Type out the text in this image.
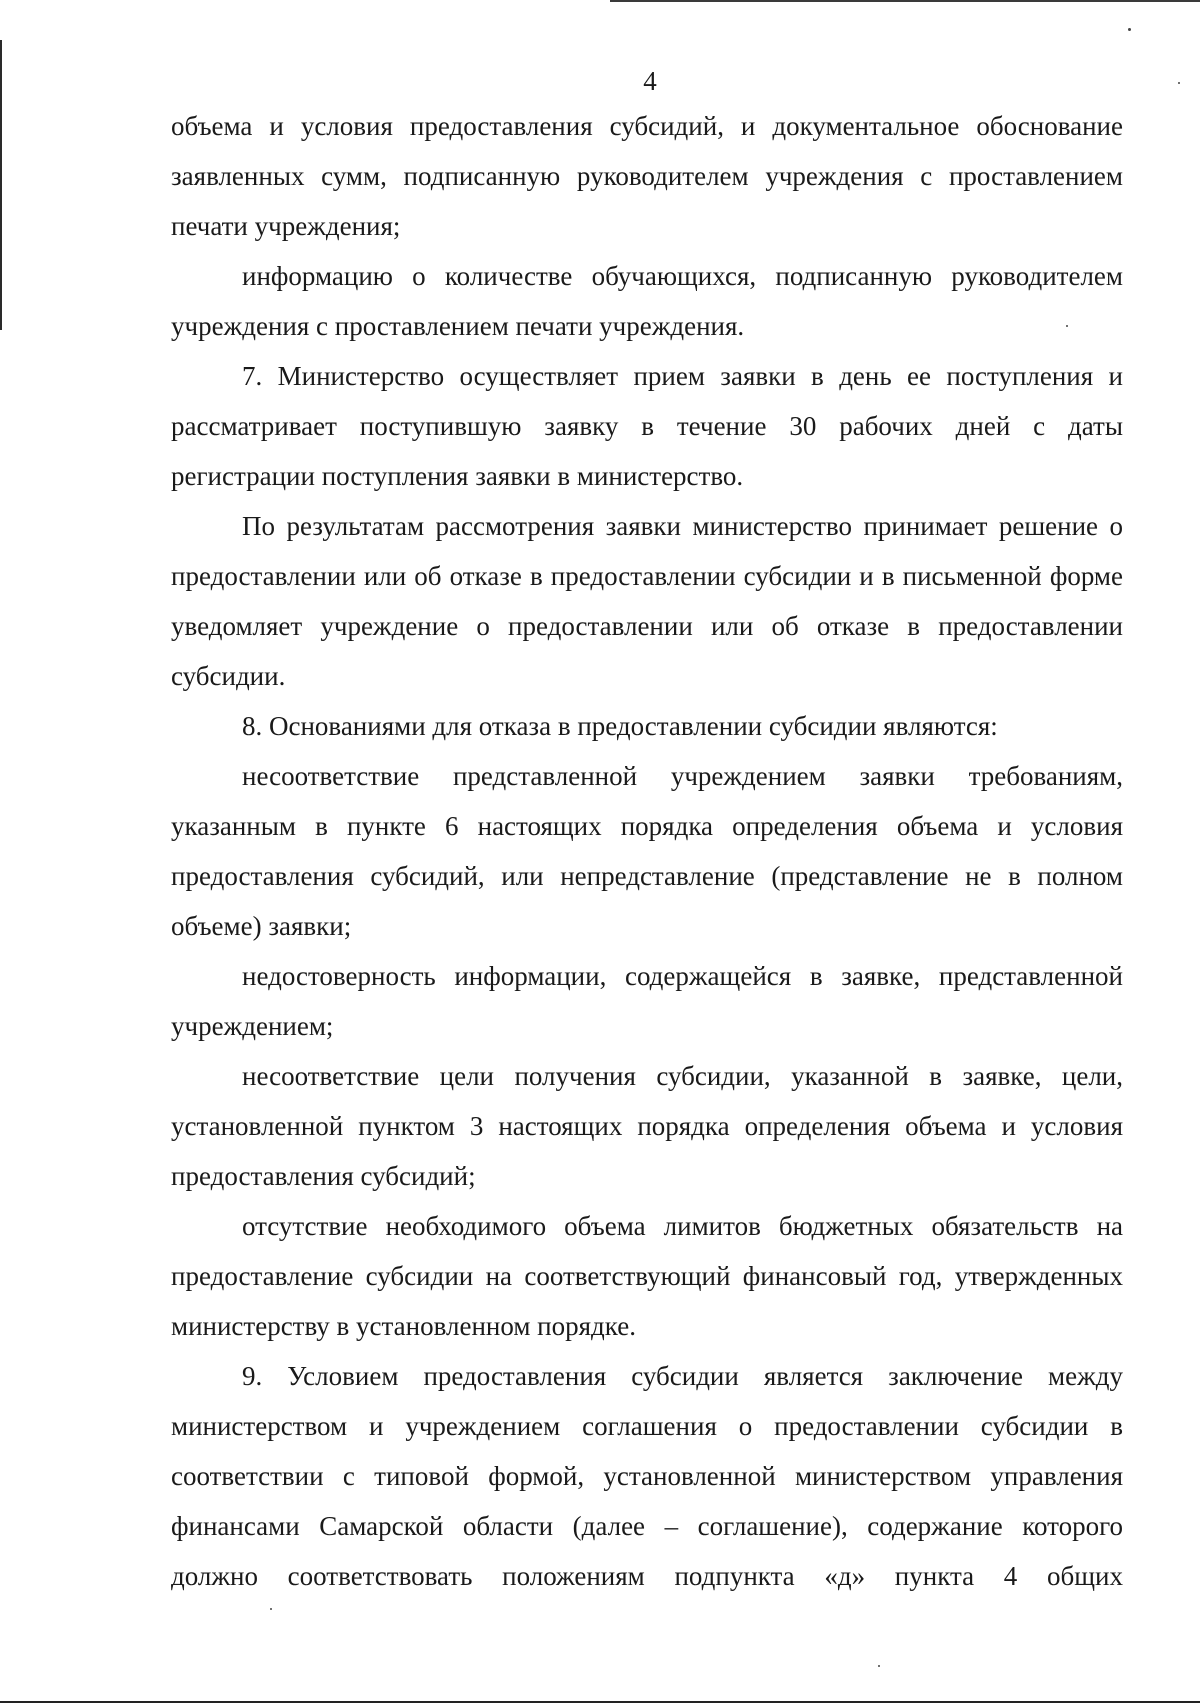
4

объема и условия предоставления субсидий, и документальное обоснование заявленных сумм, подписанную руководителем учреждения с проставлением печати учреждения;

информацию о количестве обучающихся, подписанную руководителем учреждения с проставлением печати учреждения.

7. Министерство осуществляет прием заявки в день ее поступления и рассматривает поступившую заявку в течение 30 рабочих дней с даты регистрации поступления заявки в министерство.

По результатам рассмотрения заявки министерство принимает решение о предоставлении или об отказе в предоставлении субсидии и в письменной форме уведомляет учреждение о предоставлении или об отказе в предоставлении субсидии.

8. Основаниями для отказа в предоставлении субсидии являются:

несоответствие представленной учреждением заявки требованиям, указанным в пункте 6 настоящих порядка определения объема и условия предоставления субсидий, или непредставление (представление не в полном объеме) заявки;

недостоверность информации, содержащейся в заявке, представленной учреждением;

несоответствие цели получения субсидии, указанной в заявке, цели, установленной пунктом 3 настоящих порядка определения объема и условия предоставления субсидий;

отсутствие необходимого объема лимитов бюджетных обязательств на предоставление субсидии на соответствующий финансовый год, утвержденных министерству в установленном порядке.

9. Условием предоставления субсидии является заключение между министерством и учреждением соглашения о предоставлении субсидии в соответствии с типовой формой, установленной министерством управления финансами Самарской области (далее – соглашение), содержание которого должно соответствовать положениям подпункта «д» пункта 4 общих
